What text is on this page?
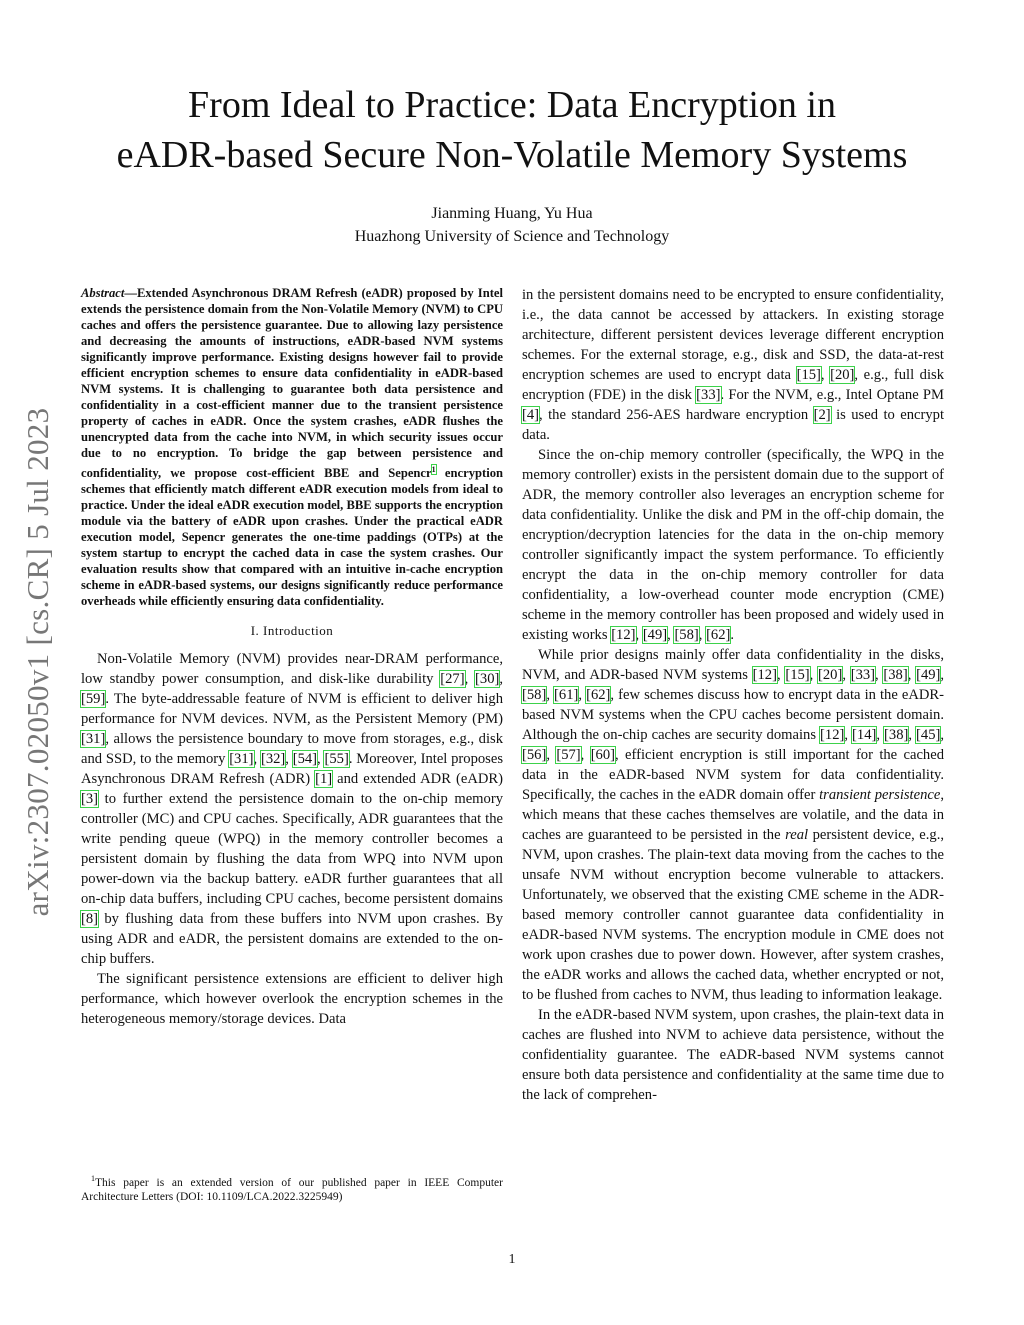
From Ideal to Practice: Data Encryption in
eADR-based Secure Non-Volatile Memory Systems
Jianming Huang, Yu Hua
Huazhong University of Science and Technology
arXiv:2307.02050v1 [cs.CR] 5 Jul 2023
Abstract—Extended Asynchronous DRAM Refresh (eADR) proposed by Intel extends the persistence domain from the Non-Volatile Memory (NVM) to CPU caches and offers the persistence guarantee. Due to allowing lazy persistence and decreasing the amounts of instructions, eADR-based NVM systems significantly improve performance. Existing designs however fail to provide efficient encryption schemes to ensure data confidentiality in eADR-based NVM systems. It is challenging to guarantee both data persistence and confidentiality in a cost-efficient manner due to the transient persistence property of caches in eADR. Once the system crashes, eADR flushes the unencrypted data from the cache into NVM, in which security issues occur due to no encryption. To bridge the gap between persistence and confidentiality, we propose cost-efficient BBE and Sepencr$^1$ encryption schemes that efficiently match different eADR execution models from ideal to practice. Under the ideal eADR execution model, BBE supports the encryption module via the battery of eADR upon crashes. Under the practical eADR execution model, Sepencr generates the one-time paddings (OTPs) at the system startup to encrypt the cached data in case the system crashes. Our evaluation results show that compared with an intuitive in-cache encryption scheme in eADR-based systems, our designs significantly reduce performance overheads while efficiently ensuring data confidentiality.
I. Introduction

Non-Volatile Memory (NVM) provides near-DRAM performance, low standby power consumption, and disk-like durability [27], [30], [59]. The byte-addressable feature of NVM is efficient to deliver high performance for NVM devices. NVM, as the Persistent Memory (PM) [31], allows the persistence boundary to move from storages, e.g., disk and SSD, to the memory [31], [32], [54], [55]. Moreover, Intel proposes Asynchronous DRAM Refresh (ADR) [1] and extended ADR (eADR) [3] to further extend the persistence domain to the on-chip memory controller (MC) and CPU caches. Specifically, ADR guarantees that the write pending queue (WPQ) in the memory controller becomes a persistent domain by flushing the data from WPQ into NVM upon power-down via the backup battery. eADR further guarantees that all on-chip data buffers, including CPU caches, become persistent domains [8] by flushing data from these buffers into NVM upon crashes. By using ADR and eADR, the persistent domains are extended to the on-chip buffers.

The significant persistence extensions are efficient to deliver high performance, which however overlook the encryption schemes in the heterogeneous memory/storage devices. Data

in the persistent domains need to be encrypted to ensure confidentiality, i.e., the data cannot be accessed by attackers. In existing storage architecture, different persistent devices leverage different encryption schemes. For the external storage, e.g., disk and SSD, the data-at-rest encryption schemes are used to encrypt data [15], [20], e.g., full disk encryption (FDE) in the disk [33]. For the NVM, e.g., Intel Optane PM [4], the standard 256-AES hardware encryption [2] is used to encrypt data.

Since the on-chip memory controller (specifically, the WPQ in the memory controller) exists in the persistent domain due to the support of ADR, the memory controller also leverages an encryption scheme for data confidentiality. Unlike the disk and PM in the off-chip domain, the encryption/decryption latencies for the data in the on-chip memory controller significantly impact the system performance. To efficiently encrypt the data in the on-chip memory controller for data confidentiality, a low-overhead counter mode encryption (CME) scheme in the memory controller has been proposed and widely used in existing works [12], [49], [58], [62].

While prior designs mainly offer data confidentiality in the disks, NVM, and ADR-based NVM systems [12], [15], [20], [33], [38], [49], [58], [61], [62], few schemes discuss how to encrypt data in the eADR-based NVM systems when the CPU caches become persistent domain. Although the on-chip caches are security domains [12], [14], [38], [45], [56], [57], [60], efficient encryption is still important for the cached data in the eADR-based NVM system for data confidentiality. Specifically, the caches in the eADR domain offer transient persistence, which means that these caches themselves are volatile, and the data in caches are guaranteed to be persisted in the real persistent device, e.g., NVM, upon crashes. The plain-text data moving from the caches to the unsafe NVM without encryption become vulnerable to attackers. Unfortunately, we observed that the existing CME scheme in the ADR-based memory controller cannot guarantee data confidentiality in eADR-based NVM systems. The encryption module in CME does not work upon crashes due to power down. However, after system crashes, the eADR works and allows the cached data, whether encrypted or not, to be flushed from caches to NVM, thus leading to information leakage.

In the eADR-based NVM system, upon crashes, the plain-text data in caches are flushed into NVM to achieve data persistence, without the confidentiality guarantee. The eADR-based NVM systems cannot ensure both data persistence and confidentiality at the same time due to the lack of comprehen-

$^1$This paper is an extended version of our published paper in IEEE Computer Architecture Letters (DOI: 10.1109/LCA.2022.3225949)
1
